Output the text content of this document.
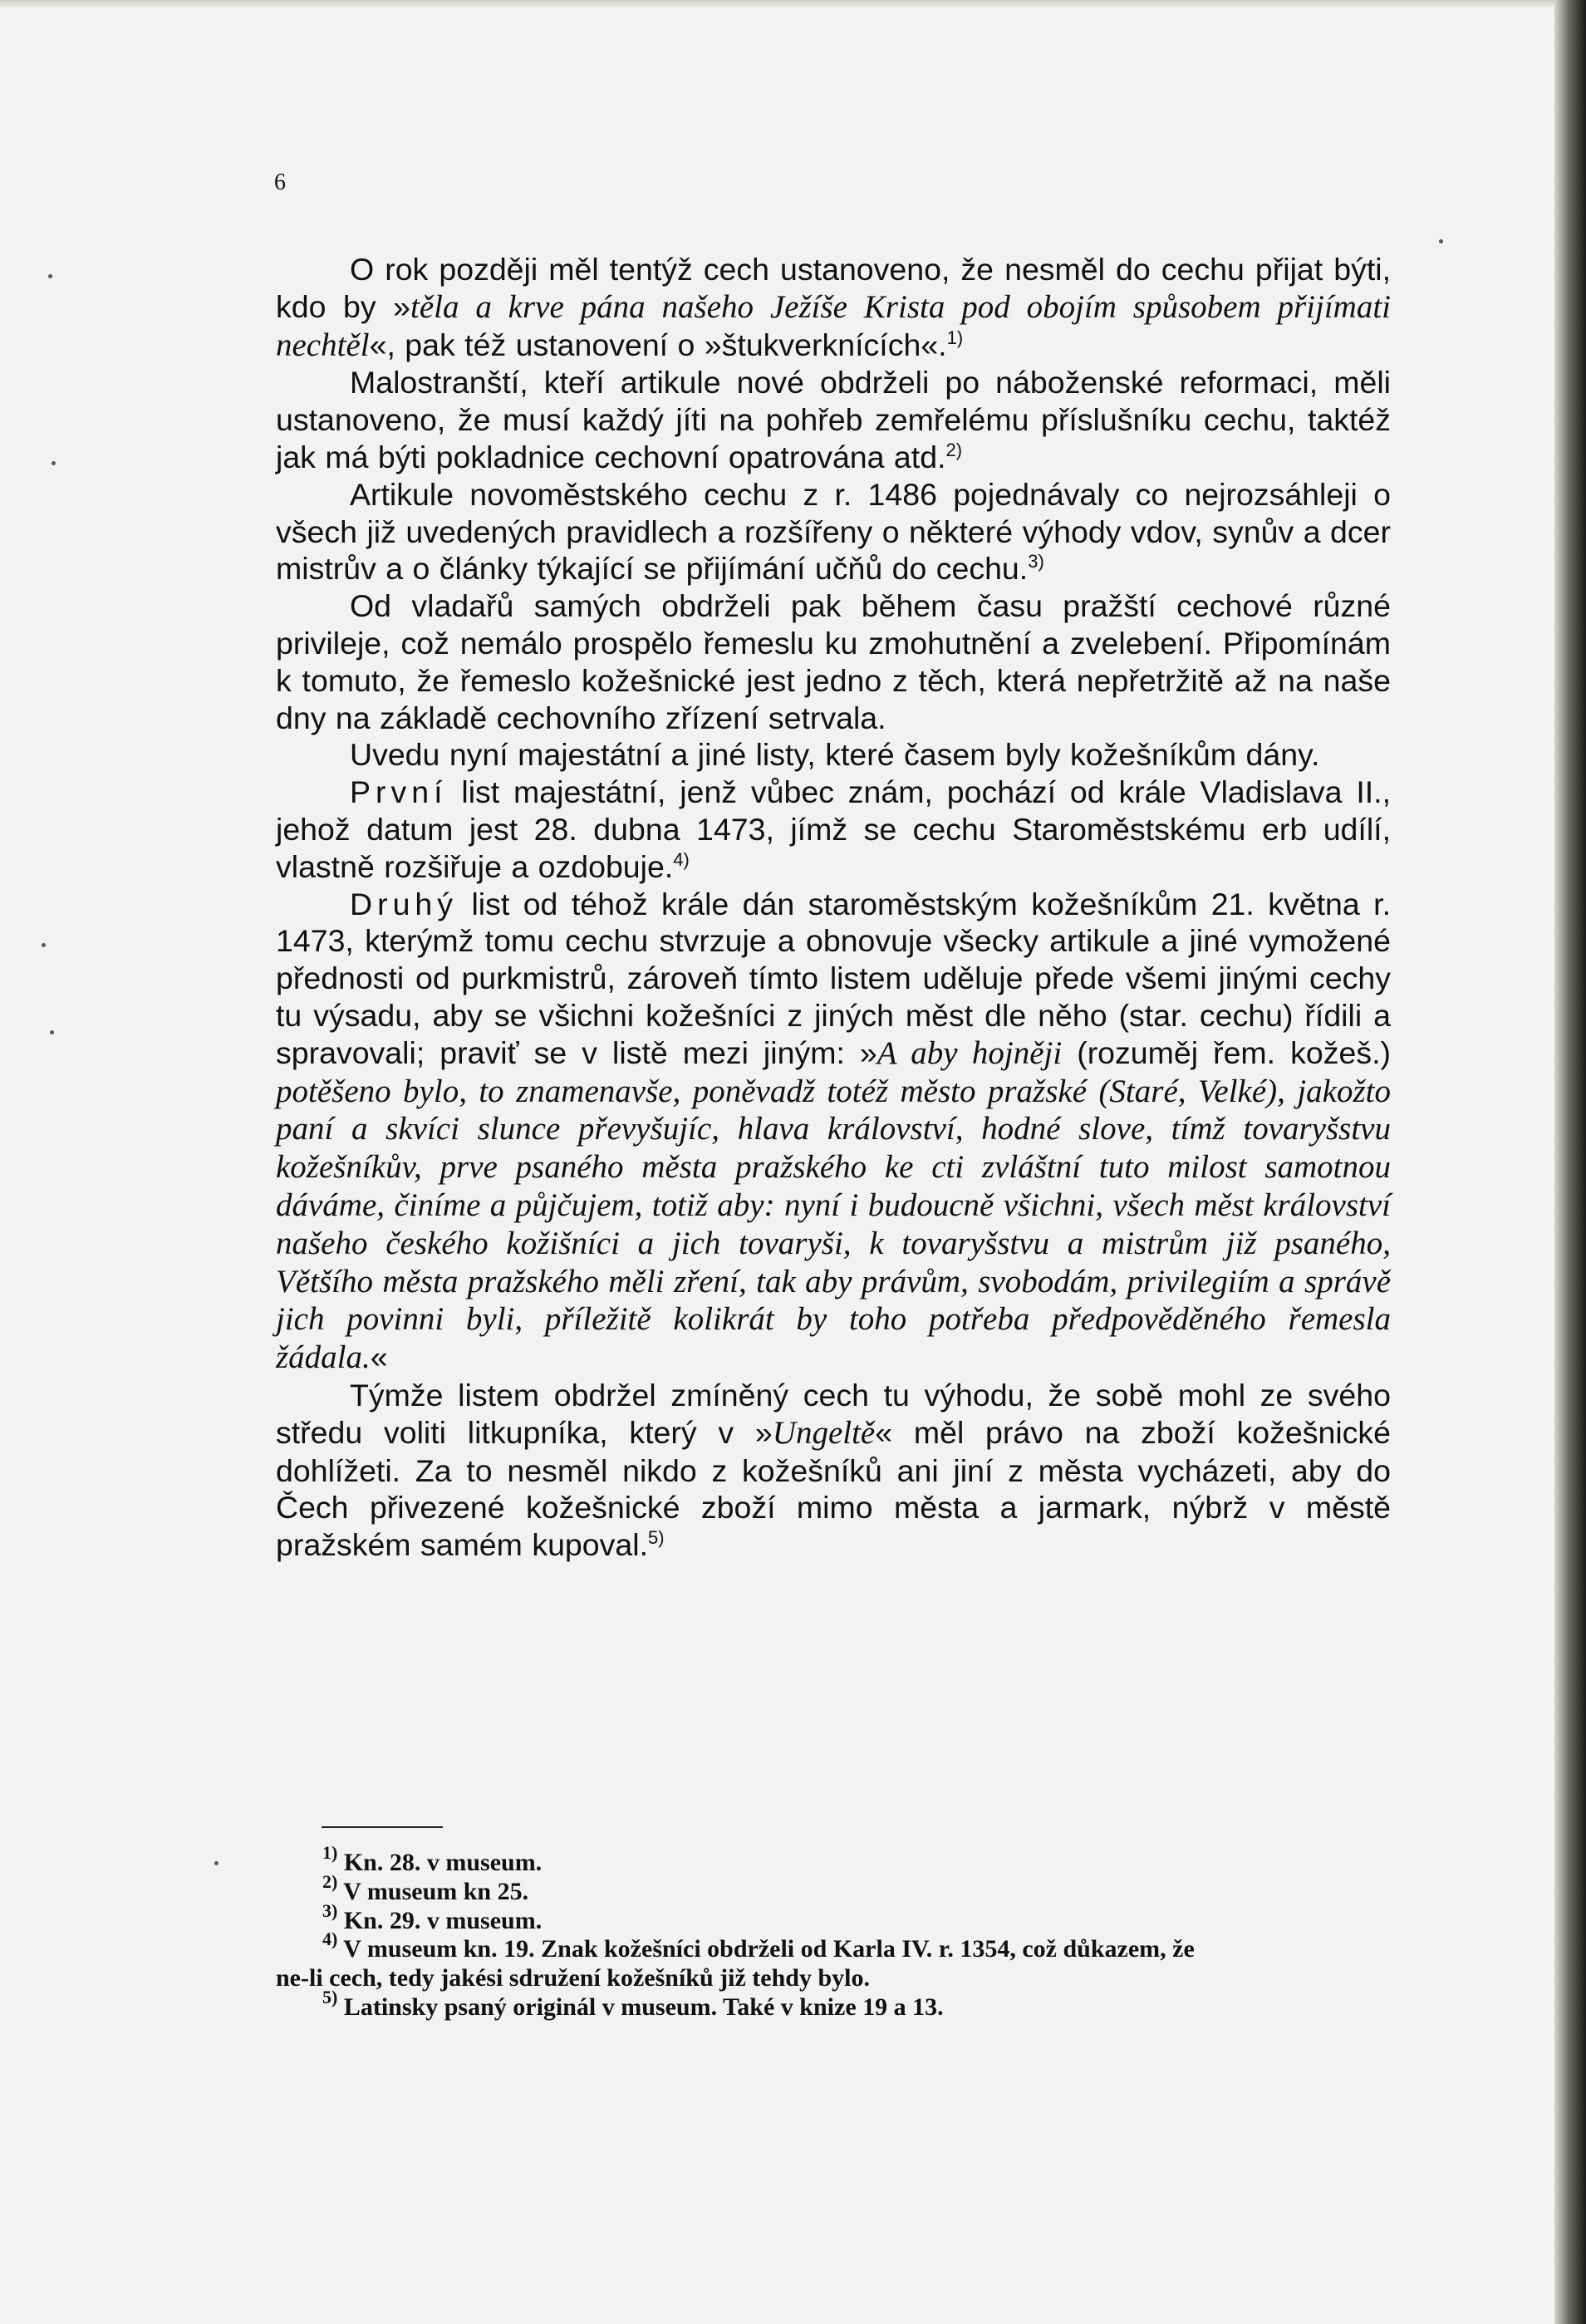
6

O rok později měl tentýž cech ustanoveno, že nesměl do cechu přijat býti, kdo by »těla a krve pána našeho Ježíše Krista pod obojím spůsobem přijímati nechtěl«, pak též ustanovení o »štukverknících«.$^{1)}$

Malostranští, kteří artikule nové obdrželi po náboženské reformaci, měli ustanoveno, že musí každý jíti na pohřeb zemřelému příslušníku cechu, taktéž jak má býti pokladnice cechovní opatrována atd.$^{2)}$

Artikule novoměstského cechu z r. 1486 pojednávaly co nejrozsáhleji o všech již uvedených pravidlech a rozšířeny o některé výhody vdov, synův a dcer mistrův a o články týkající se přijímání učňů do cechu.$^{3)}$

Od vladařů samých obdrželi pak během času pražští cechové různé privileje, což nemálo prospělo řemeslu ku zmohutnění a zvelebení. Připomínám k tomuto, že řemeslo kožešnické jest jedno z těch, která nepřetržitě až na naše dny na základě cechovního zřízení setrvala.

Uvedu nyní majestátní a jiné listy, které časem byly kožešníkům dány.

První list majestátní, jenž vůbec znám, pochází od krále Vladislava II., jehož datum jest 28. dubna 1473, jímž se cechu Staroměstskému erb udílí, vlastně rozšiřuje a ozdobuje.$^{4)}$

Druhý list od téhož krále dán staroměstským kožešníkům 21. května r. 1473, kterýmž tomu cechu stvrzuje a obnovuje všecky artikule a jiné vymožené přednosti od purkmistrů, zároveň tímto listem uděluje přede všemi jinými cechy tu výsadu, aby se všichni kožešníci z jiných měst dle něho (star. cechu) řídili a spravovali; praviť se v listě mezi jiným: »A aby hojněji (rozuměj řem. kožeš.) potěšeno bylo, to znamenavše, poněvadž totéž město pražské (Staré, Velké), jakožto paní a skvíci slunce převyšujíc, hlava království, hodné slove, tímž tovaryšstvu kožešníkův, prve psaného města pražského ke cti zvláštní tuto milost samotnou dáváme, činíme a půjčujem, totiž aby: nyní i budoucně všichni, všech měst království našeho českého kožišníci a jich tovaryši, k tovaryšstvu a mistrům již psaného, Většího města pražského měli zření, tak aby právům, svobodám, privilegiím a správě jich povinni byli, příležitě kolikrát by toho potřeba předpověděného řemesla žádala.«

Týmže listem obdržel zmíněný cech tu výhodu, že sobě mohl ze svého středu voliti litkupníka, který v »Ungeltě« měl právo na zboží kožešnické dohlížeti. Za to nesměl nikdo z kožešníků ani jiní z města vycházeti, aby do Čech přivezené kožešnické zboží mimo města a jarmark, nýbrž v městě pražském samém kupoval.$^{5)}$

$^{1)}$ Kn. 28. v museum.

$^{2)}$ V museum kn 25.

$^{3)}$ Kn. 29. v museum.

$^{4)}$ V museum kn. 19. Znak kožešníci obdrželi od Karla IV. r. 1354, což důkazem, že ne-li cech, tedy jakési sdružení kožešníků již tehdy bylo.

$^{5)}$ Latinsky psaný originál v museum. Také v knize 19 a 13.
